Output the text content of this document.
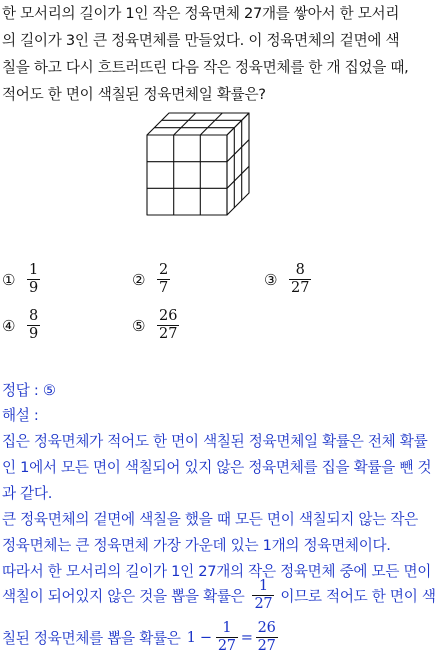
한 모서리의 길이가 1인 작은 정육면체 27개를 쌓아서 한 모서리
의 길이가 3인 큰 정육면체를 만들었다. 이 정육면체의 겉면에 색
칠을 하고 다시 흐트러뜨린 다음 작은 정육면체를 한 개 집었을 때,
적어도 한 면이 색칠된 정육면체일 확률은?
① $\frac{1}{9}$	② $\frac{2}{7}$	③ $\frac{8}{27}$
④ $\frac{8}{9}$	⑤ $\frac{26}{27}$
정답 : ⑤
해설 :
집은 정육면체가 적어도 한 면이 색칠된 정육면체일 확률은 전체 확률
인 1에서 모든 면이 색칠되어 있지 않은 정육면체를 집을 확률을 뺀 것
과 같다.
큰 정육면체의 겉면에 색칠을 했을 때 모든 면이 색칠되지 않는 작은
정육면체는 큰 정육면체 가장 가운데 있는 1개의 정육면체이다.
따라서 한 모서리의 길이가 1인 27개의 작은 정육면체 중에 모든 면이
색칠이 되어있지 않은 것을 뽑을 확률은 $\frac{1}{27}$ 이므로 적어도 한 면이 색
칠된 정육면체를 뽑을 확률은 $1 - \frac{1}{27} = \frac{26}{27}$
